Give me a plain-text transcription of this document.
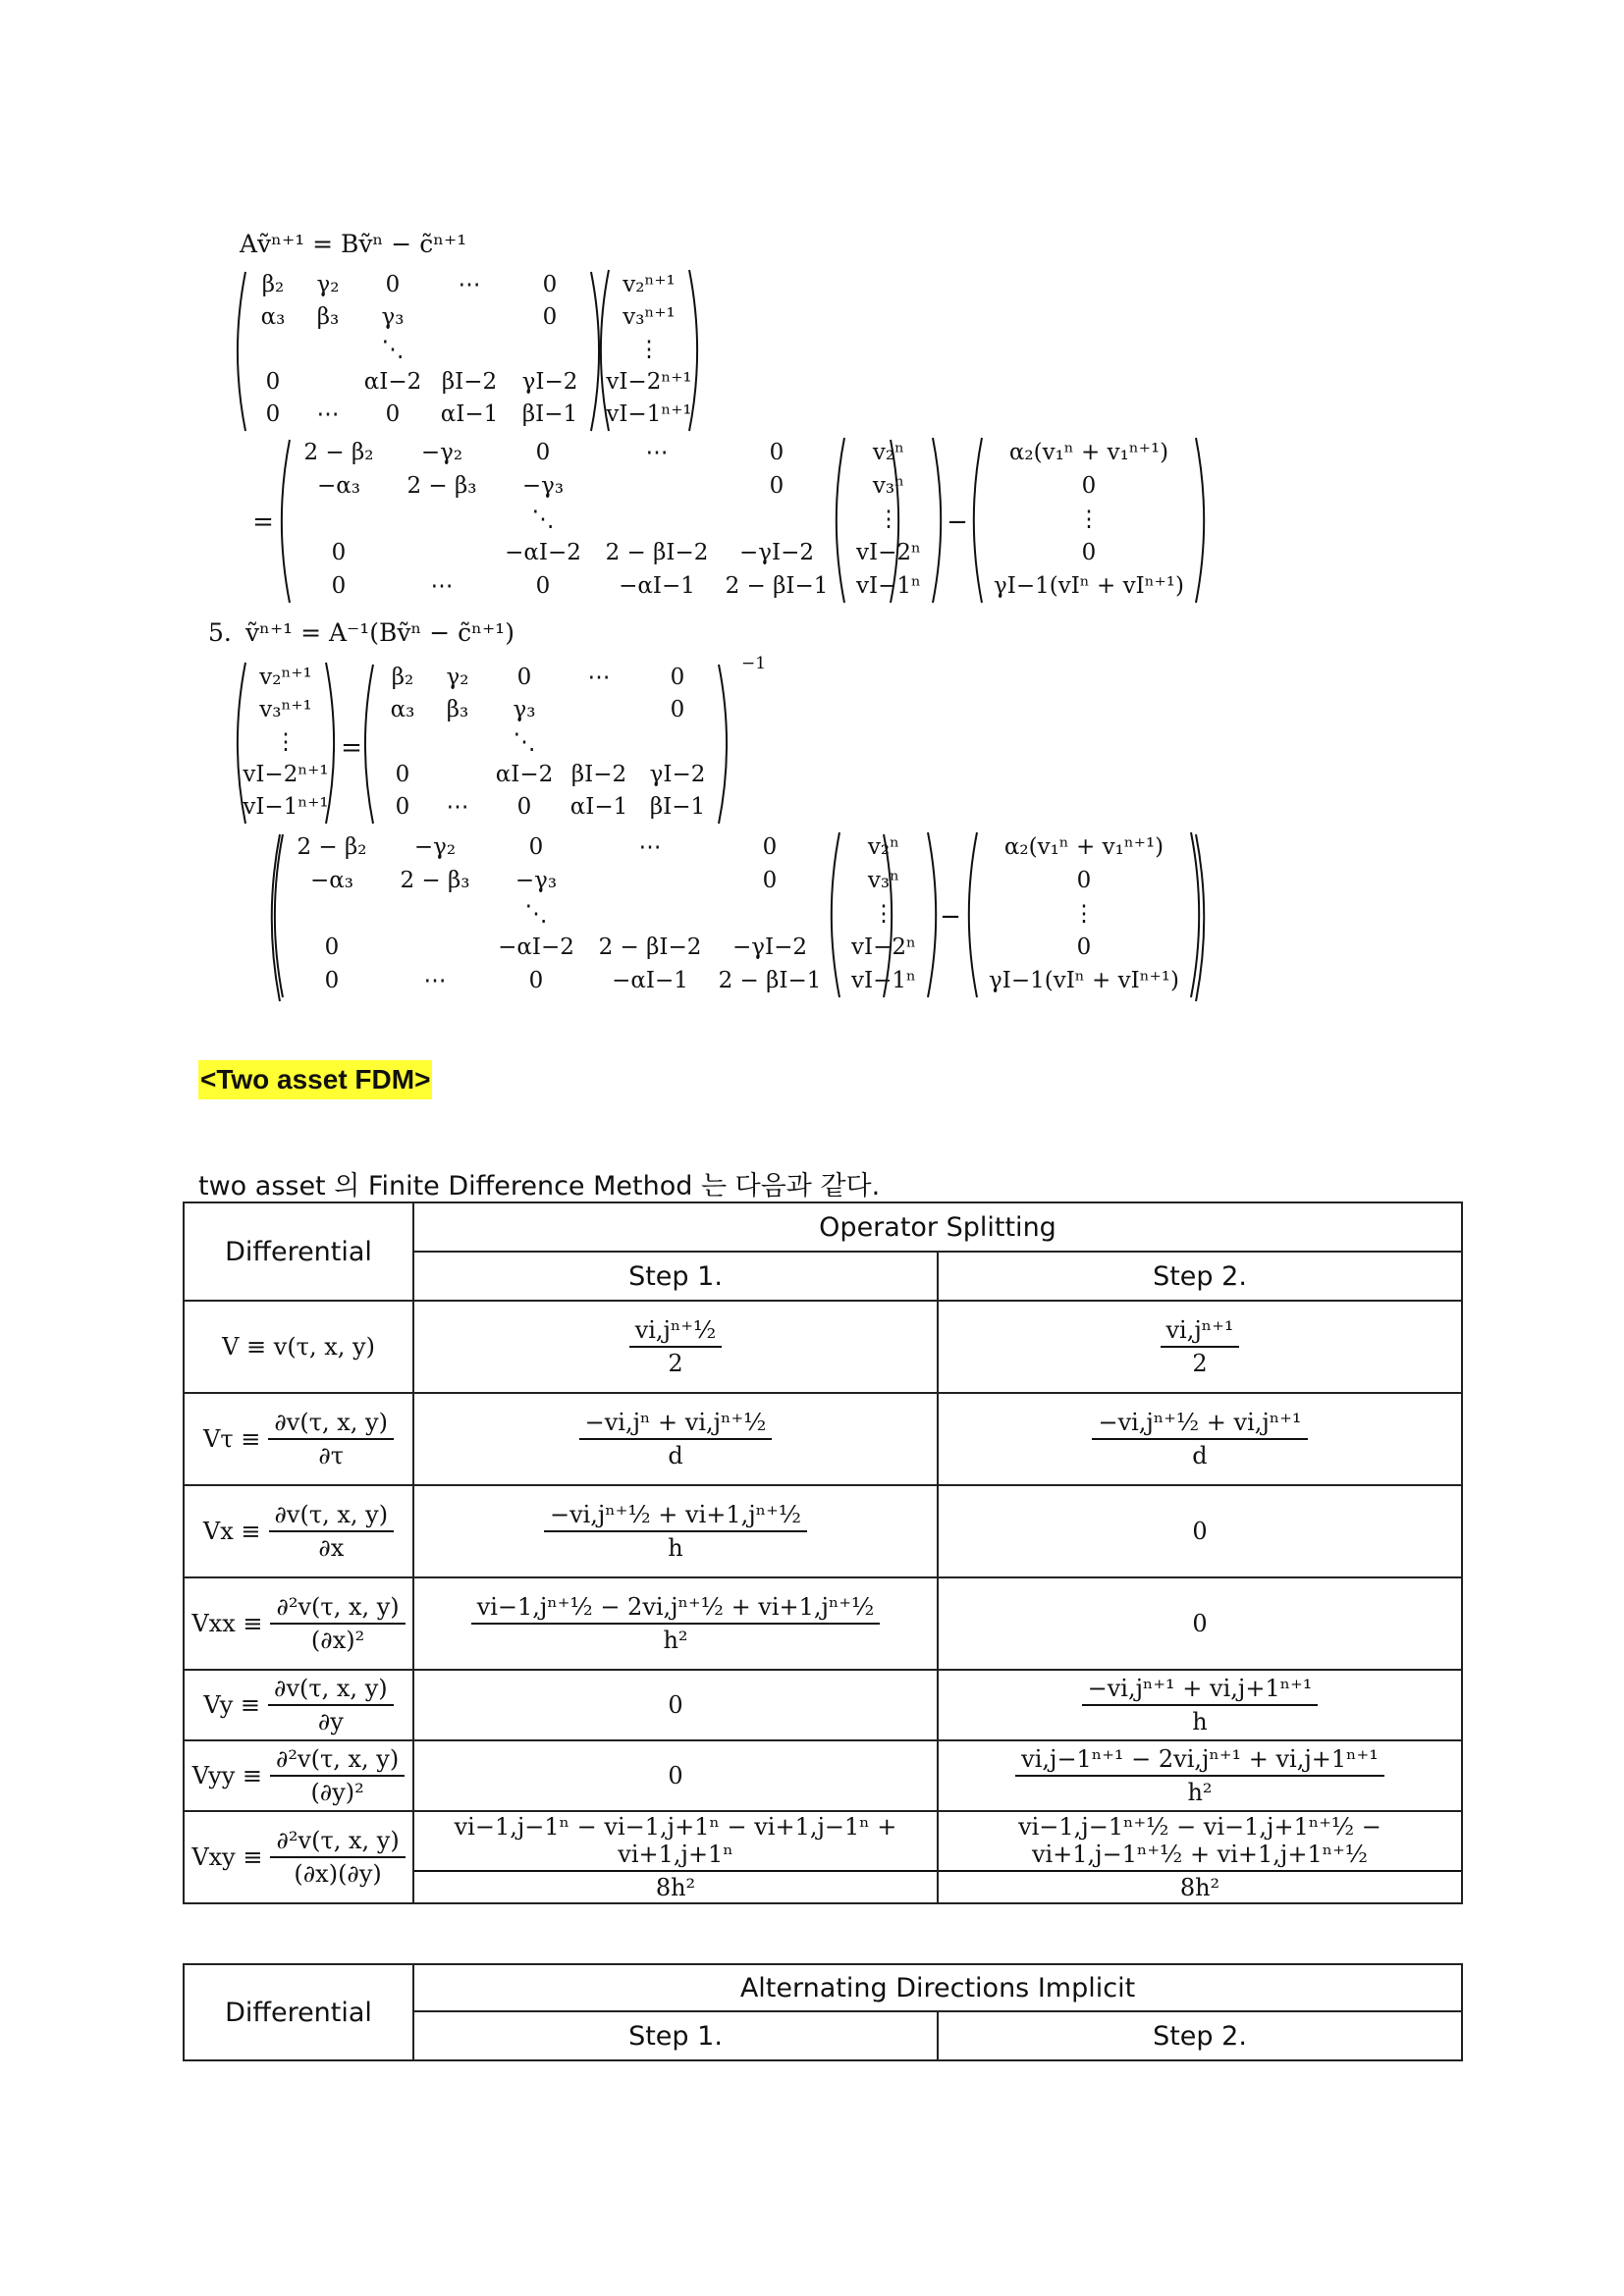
Aṽⁿ⁺¹ = Bṽⁿ − c̃ⁿ⁺¹
β₂ γ₂ 0	⋯	0
α₃ β₃ γ₃	0
⋱
0	αI−2 βI−2 γI−2
0 ⋯ 0 αI−1 βI−1
v₂ⁿ⁺¹
v₃ⁿ⁺¹
⋮
vI−2ⁿ⁺¹
vI−1ⁿ⁺¹
=
2 − β₂ −γ₂	0	⋯	0
−α₃ 2 − β₃ −γ₃	0
⋱
0	−αI−2 2 − βI−2 −γI−2
0	⋯	0	−αI−1 2 − βI−1
v₂ⁿ
v₃ⁿ
⋮
vI−2ⁿ
vI−1ⁿ
−
α₂(v₁ⁿ + v₁ⁿ⁺¹)
0
⋮
0
γI−1(vIⁿ + vIⁿ⁺¹)
v₂ⁿ⁺¹
v₃ⁿ⁺¹
⋮
vI−2ⁿ⁺¹
vI−1ⁿ⁺¹
=
β₂ γ₂ 0 ⋯	0
α₃ β₃ γ₃	0
⋱
0	αI−2 βI−2 γI−2
0 ⋯ 0 αI−1 βI−1
−1
2 − β₂ −γ₂	0	⋯	0
−α₃ 2 − β₃ −γ₃	0
⋱
0	−αI−2 2 − βI−2 −γI−2
0	⋯	0	−αI−1 2 − βI−1
v₂ⁿ
v₃ⁿ
⋮
vI−2ⁿ
vI−1ⁿ
−
α₂(v₁ⁿ + v₁ⁿ⁺¹)
0
⋮
0
γI−1(vIⁿ + vIⁿ⁺¹)
5. ṽⁿ⁺¹ = A⁻¹(Bṽⁿ − c̃ⁿ⁺¹)
<Two asset FDM>
two asset 의 Finite Difference Method 는 다음과 같다.
Differential	Operator Splitting	
	Step 1.	Step 2.

V ≡ v(τ, x, y)	$\frac{\text{vi,jⁿ⁺½}}{2}$	$\frac{\text{vi,jⁿ⁺¹}}{2}$

$V\tau \equiv \frac{\partial v(\tau, x, y)}{\partial\tau}$	$\frac{\text{−vi,jⁿ + vi,jⁿ⁺½}}{d}$	$\frac{\text{−vi,jⁿ⁺½ + vi,jⁿ⁺¹}}{d}$

$Vx \equiv \frac{\partial v(\tau, x, y)}{\partial x}$	$\frac{\text{−vi,jⁿ⁺½ + vi+1,jⁿ⁺½}}{h}$	0

Vxx ≡ $\frac{\text{∂²v(τ, x, y)}}{\text{(∂x)²}}$	$\frac{\text{vi−1,jⁿ⁺½ − 2vi,jⁿ⁺½ + vi+1,jⁿ⁺½}}{\text{h²}}$	0

$Vy \equiv \frac{\partial v(\tau, x, y)}{\partial y}$	0	$\frac{\text{−vi,jⁿ⁺¹ + vi,j+1ⁿ⁺¹}}{h}$

Vyy ≡ $\frac{\text{∂²v(τ, x, y)}}{\text{(∂y)²}}$	0	$\frac{\text{vi,j−1ⁿ⁺¹ − 2vi,jⁿ⁺¹ + vi,j+1ⁿ⁺¹}}{\text{h²}}$

Vxy ≡ $\frac{\text{∂²v(τ, x, y)}}{(\partial x)(\partial y)}$	$\frac{\text{vi−1,j−1ⁿ − vi−1,j+1ⁿ − vi+1,j−1ⁿ + vi+1,j+1ⁿ}}{\text{8h²}}$	$\frac{\text{vi−1,j−1ⁿ⁺½ − vi−1,j+1ⁿ⁺½ − vi+1,j−1ⁿ⁺½ + vi+1,j+1ⁿ⁺½}}{\text{8h²}}$
Differential	Alternating Directions Implicit	
	Step 1.	Step 2.
